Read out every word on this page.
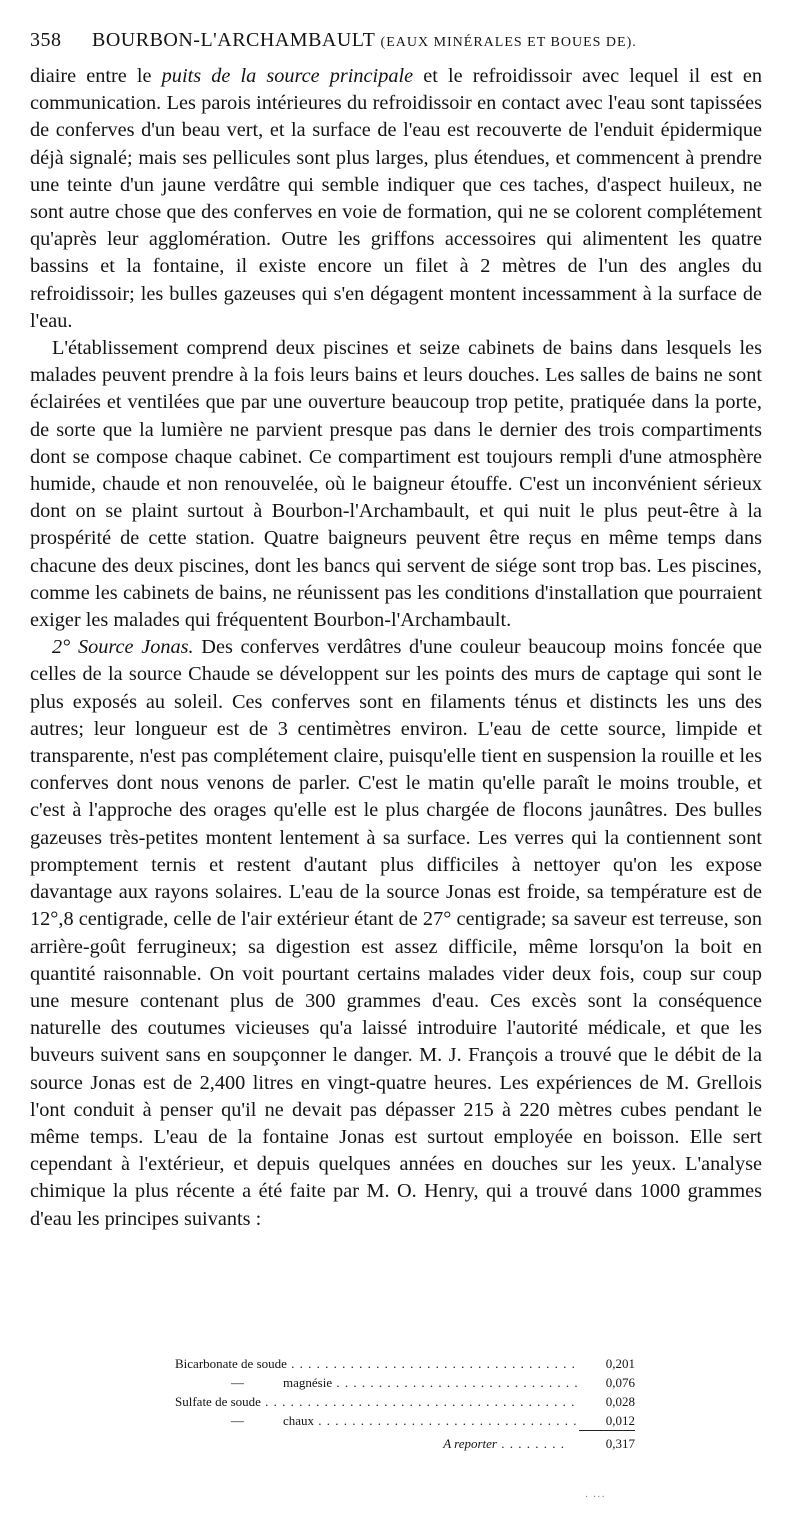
358 BOURBON-L'ARCHAMBAULT (EAUX MINÉRALES ET BOUES DE).

diaire entre le puits de la source principale et le refroidissoir avec lequel il est en communication. Les parois intérieures du refroidissoir en contact avec l'eau sont tapissées de conferves d'un beau vert, et la surface de l'eau est recouverte de l'enduit épidermique déjà signalé; mais ses pellicules sont plus larges, plus étendues, et commencent à prendre une teinte d'un jaune verdâtre qui semble indiquer que ces taches, d'aspect huileux, ne sont autre chose que des conferves en voie de formation, qui ne se colorent complétement qu'après leur agglomération. Outre les griffons accessoires qui alimentent les quatre bassins et la fontaine, il existe encore un filet à 2 mètres de l'un des angles du refroidissoir; les bulles gazeuses qui s'en dégagent montent incessamment à la surface de l'eau.

L'établissement comprend deux piscines et seize cabinets de bains dans lesquels les malades peuvent prendre à la fois leurs bains et leurs douches. Les salles de bains ne sont éclairées et ventilées que par une ouverture beaucoup trop petite, pratiquée dans la porte, de sorte que la lumière ne parvient presque pas dans le dernier des trois compartiments dont se compose chaque cabinet. Ce compartiment est toujours rempli d'une atmosphère humide, chaude et non renouvelée, où le baigneur étouffe. C'est un inconvénient sérieux dont on se plaint surtout à Bourbon-l'Archambault, et qui nuit le plus peut-être à la prospérité de cette station. Quatre baigneurs peuvent être reçus en même temps dans chacune des deux piscines, dont les bancs qui servent de siége sont trop bas. Les piscines, comme les cabinets de bains, ne réunissent pas les conditions d'installation que pourraient exiger les malades qui fréquentent Bourbon-l'Archambault.

2° Source Jonas. Des conferves verdâtres d'une couleur beaucoup moins foncée que celles de la source Chaude se développent sur les points des murs de captage qui sont le plus exposés au soleil. Ces conferves sont en filaments ténus et distincts les uns des autres; leur longueur est de 3 centimètres environ. L'eau de cette source, limpide et transparente, n'est pas complétement claire, puisqu'elle tient en suspension la rouille et les conferves dont nous venons de parler. C'est le matin qu'elle paraît le moins trouble, et c'est à l'approche des orages qu'elle est le plus chargée de flocons jaunâtres. Des bulles gazeuses très-petites montent lentement à sa surface. Les verres qui la contiennent sont promptement ternis et restent d'autant plus difficiles à nettoyer qu'on les expose davantage aux rayons solaires. L'eau de la source Jonas est froide, sa température est de 12°,8 centigrade, celle de l'air extérieur étant de 27° centigrade; sa saveur est terreuse, son arrière-goût ferrugineux; sa digestion est assez difficile, même lorsqu'on la boit en quantité raisonnable. On voit pourtant certains malades vider deux fois, coup sur coup une mesure contenant plus de 300 grammes d'eau. Ces excès sont la conséquence naturelle des coutumes vicieuses qu'a laissé introduire l'autorité médicale, et que les buveurs suivent sans en soupçonner le danger. M. J. François a trouvé que le débit de la source Jonas est de 2,400 litres en vingt-quatre heures. Les expériences de M. Grellois l'ont conduit à penser qu'il ne devait pas dépasser 215 à 220 mètres cubes pendant le même temps. L'eau de la fontaine Jonas est surtout employée en boisson. Elle sert cependant à l'extérieur, et depuis quelques années en douches sur les yeux. L'analyse chimique la plus récente a été faite par M. O. Henry, qui a trouvé dans 1000 grammes d'eau les principes suivants :

Bicarbonate de soude . . .	0,201
—	magnésie . . .	0,076
Sulfate de soude . . .	0,028
—	chaux . . .	0,012
A reporter . . .	0,317
· ···
